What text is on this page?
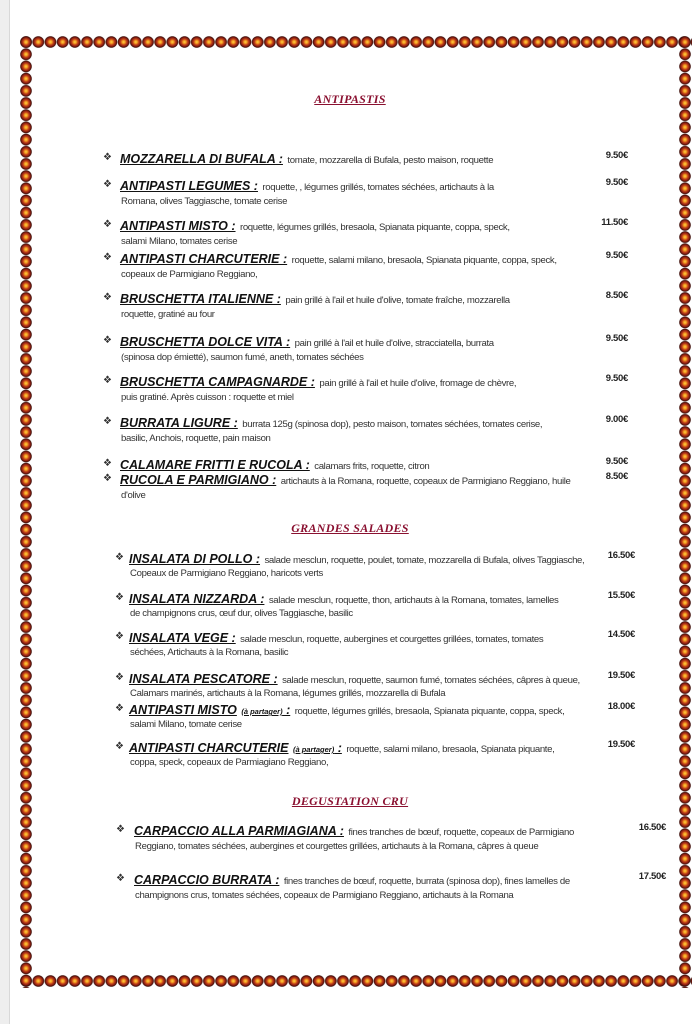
ANTIPASTIS
❖ MOZZARELLA DI BUFALA : tomate, mozzarella di Bufala, pesto maison, roquette	9.50€
❖ ANTIPASTI LEGUMES : roquette, , légumes grillés, tomates séchées, artichauts à la
Romana, olives Taggiasche, tomate cerise
9.50€
❖ ANTIPASTI MISTO : roquette, légumes grillés, bresaola, Spianata piquante, coppa, speck,
salami Milano, tomates cerise
11.50€
❖ ANTIPASTI CHARCUTERIE : roquette, salami milano, bresaola, Spianata piquante, coppa, speck,
copeaux de Parmigiano Reggiano,
9.50€
❖ BRUSCHETTA ITALIENNE : pain grillé à l'ail et huile d'olive, tomate fraîche, mozzarella
roquette, gratiné au four
8.50€
❖ BRUSCHETTA DOLCE VITA : pain grillé à l'ail et huile d'olive, stracciatella, burrata
(spinosa dop émietté), saumon fumé, aneth, tomates séchées
9.50€
❖ BRUSCHETTA CAMPAGNARDE : pain grillé à l'ail et huile d'olive, fromage de chèvre,
puis gratiné. Après cuisson : roquette et miel
9.50€
❖ BURRATA LIGURE : burrata 125g (spinosa dop), pesto maison, tomates séchées, tomates cerise,
basilic, Anchois, roquette, pain maison
9.00€
❖ CALAMARE FRITTI E RUCOLA : calamars frits, roquette, citron	9.50€
❖ RUCOLA E PARMIGIANO : artichauts à la Romana, roquette, copeaux de Parmigiano Reggiano, huile
d'olive
8.50€
GRANDES SALADES
❖ INSALATA DI POLLO : salade mesclun, roquette, poulet, tomate, mozzarella di Bufala, olives Taggiasche,
Copeaux de Parmigiano Reggiano, haricots verts
16.50€
❖ INSALATA NIZZARDA : salade mesclun, roquette, thon, artichauts à la Romana, tomates, lamelles
de champignons crus, œuf dur, olives Taggiasche, basilic
15.50€
❖ INSALATA VEGE : salade mesclun, roquette, aubergines et courgettes grillées, tomates, tomates
séchées, Artichauts à la Romana, basilic
14.50€
❖ INSALATA PESCATORE : salade mesclun, roquette, saumon fumé, tomates séchées, câpres à queue,
Calamars marinés, artichauts à la Romana, légumes grillés, mozzarella di Bufala
19.50€
❖ ANTIPASTI MISTO (à partager) : roquette, légumes grillés, bresaola, Spianata piquante, coppa, speck,
salami Milano, tomate cerise
18.00€
❖ ANTIPASTI CHARCUTERIE (à partager) : roquette, salami milano, bresaola, Spianata piquante,
coppa, speck, copeaux de Parmiagiano Reggiano,
19.50€
DEGUSTATION CRU
❖ CARPACCIO ALLA PARMIAGIANA : fines tranches de bœuf, roquette, copeaux de Parmigiano
Reggiano, tomates séchées, aubergines et courgettes grillées, artichauts à la Romana, câpres à queue
16.50€
❖ CARPACCIO BURRATA : fines tranches de bœuf, roquette, burrata (spinosa dop), fines lamelles de
champignons crus, tomates séchées, copeaux de Parmigiano Reggiano, artichauts à la Romana
17.50€
